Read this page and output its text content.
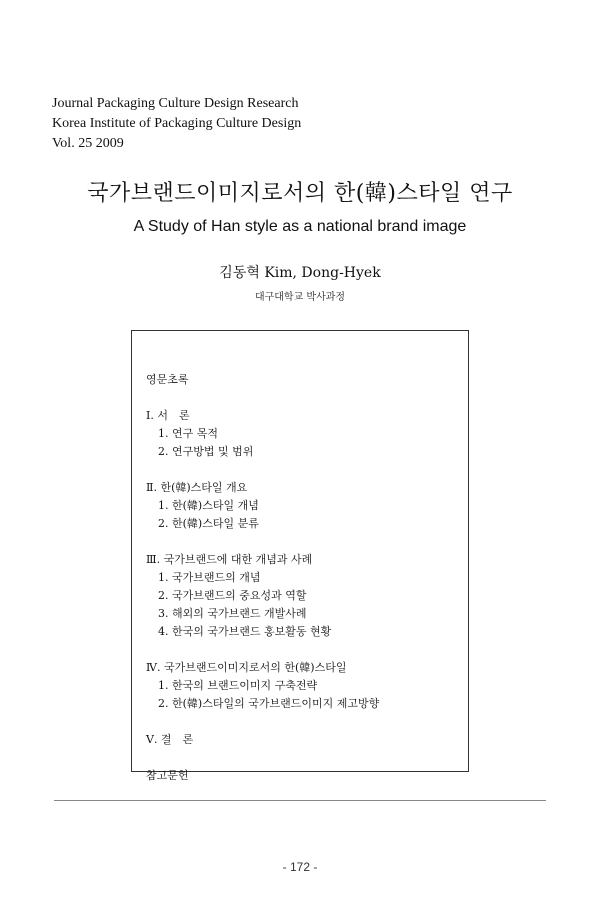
Journal Packaging Culture Design Research
Korea Institute of Packaging Culture Design
Vol. 25 2009
국가브랜드이미지로서의 한(韓)스타일 연구
A Study of Han style as a national brand image
김동혁 Kim, Dong-Hyek
대구대학교 박사과정
영문초록
Ⅰ. 서　론
1. 연구 목적
2. 연구방법 및 범위
Ⅱ. 한(韓)스타일 개요
1. 한(韓)스타일 개념
2. 한(韓)스타일 분류
Ⅲ. 국가브랜드에 대한 개념과 사례
1. 국가브랜드의 개념
2. 국가브랜드의 중요성과 역할
3. 해외의 국가브랜드 개발사례
4. 한국의 국가브랜드 홍보활동 현황
Ⅳ. 국가브랜드이미지로서의 한(韓)스타일
1. 한국의 브랜드이미지 구축전략
2. 한(韓)스타일의 국가브랜드이미지 제고방향
Ⅴ. 결　론
참고문헌
- 172 -
